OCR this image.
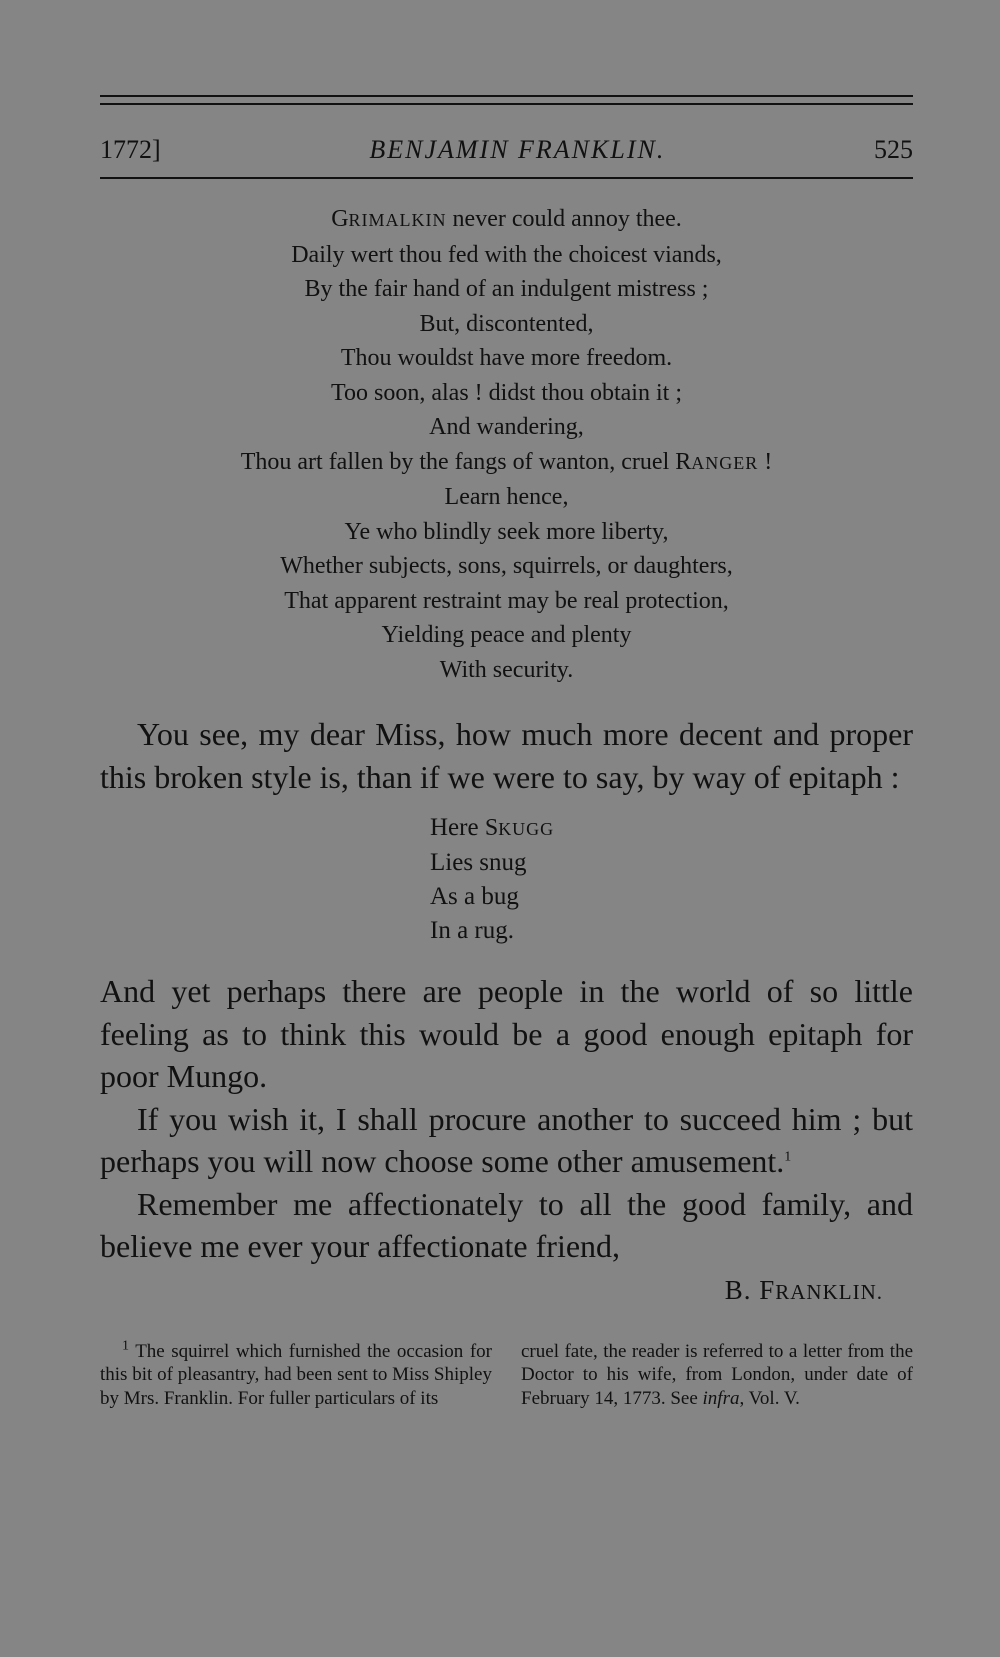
1772]	BENJAMIN FRANKLIN.	525
GRIMALKIN never could annoy thee.
Daily wert thou fed with the choicest viands,
By the fair hand of an indulgent mistress ;
But, discontented,
Thou wouldst have more freedom.
Too soon, alas ! didst thou obtain it ;
And wandering,
Thou art fallen by the fangs of wanton, cruel RANGER !
Learn hence,
Ye who blindly seek more liberty,
Whether subjects, sons, squirrels, or daughters,
That apparent restraint may be real protection,
Yielding peace and plenty
With security.

You see, my dear Miss, how much more decent and proper this broken style is, than if we were to say, by way of epitaph :

Here SKUGG
Lies snug
As a bug
In a rug.

And yet perhaps there are people in the world of so little feeling as to think this would be a good enough epitaph for poor Mungo.

If you wish it, I shall procure another to succeed him ; but perhaps you will now choose some other amusement.$^1$

Remember me affectionately to all the good family, and believe me ever your affectionate friend,

B. FRANKLIN.
$^1$ The squirrel which furnished the occasion for this bit of pleasantry, had been sent to Miss Shipley by Mrs. Franklin. For fuller particulars of its
cruel fate, the reader is referred to a letter from the Doctor to his wife, from London, under date of February 14, 1773. See infra, Vol. V.
